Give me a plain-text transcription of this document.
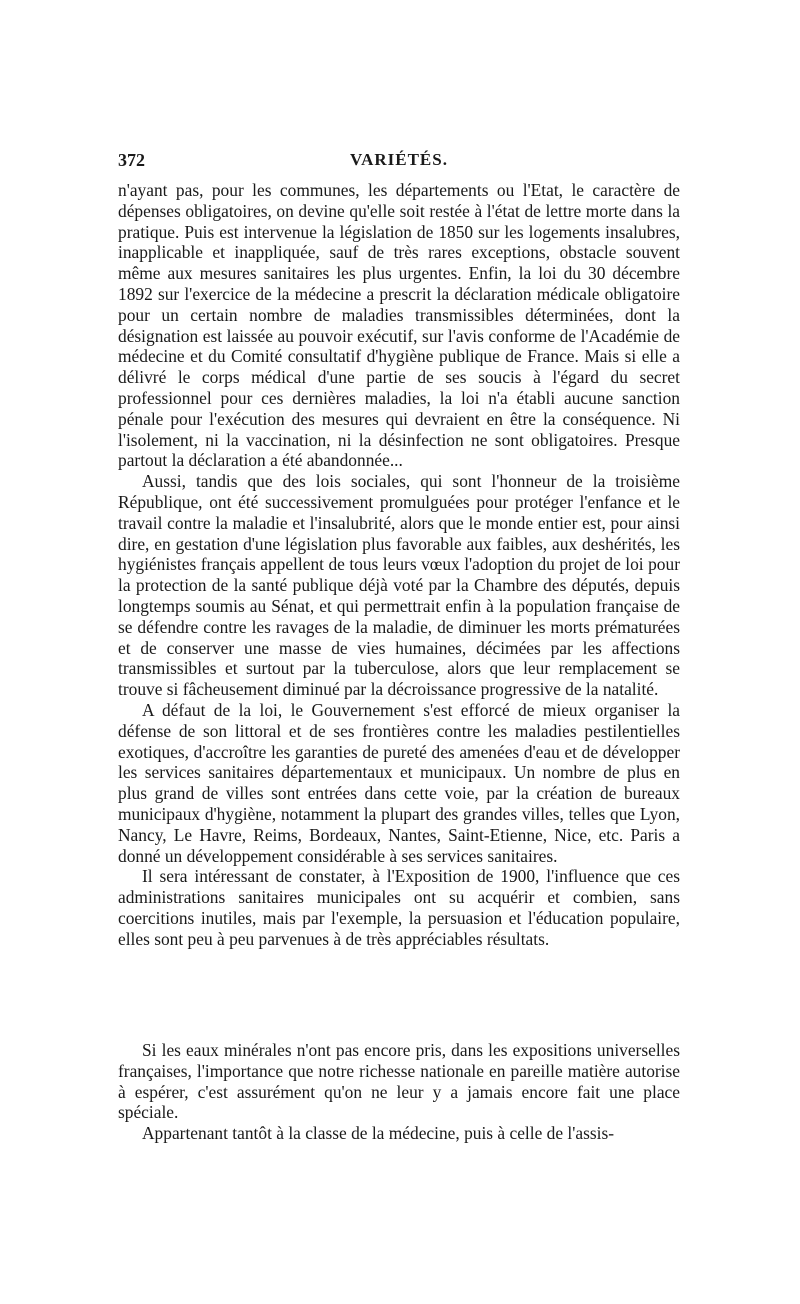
372	VARIÉTÉS.

n'ayant pas, pour les communes, les départements ou l'Etat, le caractère de dépenses obligatoires, on devine qu'elle soit restée à l'état de lettre morte dans la pratique. Puis est intervenue la législation de 1850 sur les logements insalubres, inapplicable et inappliquée, sauf de très rares exceptions, obstacle souvent même aux mesures sanitaires les plus urgentes. Enfin, la loi du 30 décembre 1892 sur l'exercice de la médecine a prescrit la déclaration médicale obligatoire pour un certain nombre de maladies transmissibles déterminées, dont la désignation est laissée au pouvoir exécutif, sur l'avis conforme de l'Académie de médecine et du Comité consultatif d'hygiène publique de France. Mais si elle a délivré le corps médical d'une partie de ses soucis à l'égard du secret professionnel pour ces dernières maladies, la loi n'a établi aucune sanction pénale pour l'exécution des mesures qui devraient en être la conséquence. Ni l'isolement, ni la vaccination, ni la désinfection ne sont obligatoires. Presque partout la déclaration a été abandonnée...

Aussi, tandis que des lois sociales, qui sont l'honneur de la troisième République, ont été successivement promulguées pour protéger l'enfance et le travail contre la maladie et l'insalubrité, alors que le monde entier est, pour ainsi dire, en gestation d'une législation plus favorable aux faibles, aux deshérités, les hygiénistes français appellent de tous leurs vœux l'adoption du projet de loi pour la protection de la santé publique déjà voté par la Chambre des députés, depuis longtemps soumis au Sénat, et qui permettrait enfin à la population française de se défendre contre les ravages de la maladie, de diminuer les morts prématurées et de conserver une masse de vies humaines, décimées par les affections transmissibles et surtout par la tuberculose, alors que leur remplacement se trouve si fâcheusement diminué par la décroissance progressive de la natalité.

A défaut de la loi, le Gouvernement s'est efforcé de mieux organiser la défense de son littoral et de ses frontières contre les maladies pestilentielles exotiques, d'accroître les garanties de pureté des amenées d'eau et de développer les services sanitaires départementaux et municipaux. Un nombre de plus en plus grand de villes sont entrées dans cette voie, par la création de bureaux municipaux d'hygiène, notamment la plupart des grandes villes, telles que Lyon, Nancy, Le Havre, Reims, Bordeaux, Nantes, Saint-Etienne, Nice, etc. Paris a donné un développement considérable à ses services sanitaires.

Il sera intéressant de constater, à l'Exposition de 1900, l'influence que ces administrations sanitaires municipales ont su acquérir et combien, sans coercitions inutiles, mais par l'exemple, la persuasion et l'éducation populaire, elles sont peu à peu parvenues à de très appréciables résultats.

Si les eaux minérales n'ont pas encore pris, dans les expositions universelles françaises, l'importance que notre richesse nationale en pareille matière autorise à espérer, c'est assurément qu'on ne leur y a jamais encore fait une place spéciale.

Appartenant tantôt à la classe de la médecine, puis à celle de l'assis-
